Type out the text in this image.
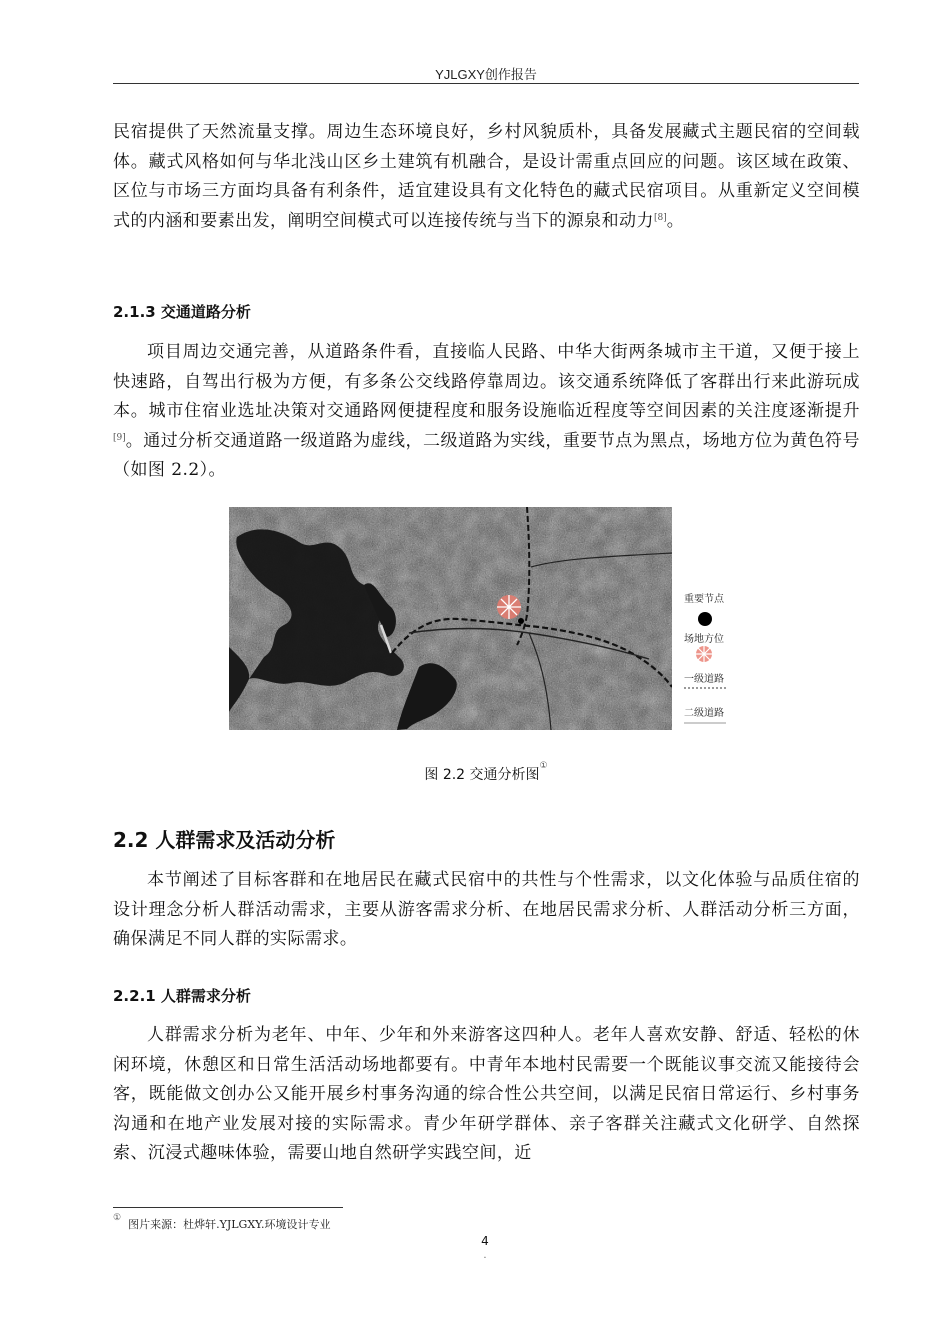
YJLGXY创作报告

民宿提供了天然流量支撑。周边生态环境良好，乡村风貌质朴，具备发展藏式主题民宿的空间载体。藏式风格如何与华北浅山区乡土建筑有机融合，是设计需重点回应的问题。该区域在政策、区位与市场三方面均具备有利条件，适宜建设具有文化特色的藏式民宿项目。从重新定义空间模式的内涵和要素出发，阐明空间模式可以连接传统与当下的源泉和动力[8]。

2.1.3 交通道路分析

项目周边交通完善，从道路条件看，直接临人民路、中华大街两条城市主干道，又便于接上快速路，自驾出行极为方便，有多条公交线路停靠周边。该交通系统降低了客群出行来此游玩成本。城市住宿业选址决策对交通路网便捷程度和服务设施临近程度等空间因素的关注度逐渐提升[9]。通过分析交通道路一级道路为虚线，二级道路为实线，重要节点为黑点，场地方位为黄色符号（如图 2.2）。

重要节点
场地方位
一级道路
二级道路
图 2.2 交通分析图①
2.2 人群需求及活动分析

本节阐述了目标客群和在地居民在藏式民宿中的共性与个性需求，以文化体验与品质住宿的设计理念分析人群活动需求，主要从游客需求分析、在地居民需求分析、人群活动分析三方面，确保满足不同人群的实际需求。

2.2.1 人群需求分析

人群需求分析为老年、中年、少年和外来游客这四种人。老年人喜欢安静、舒适、轻松的休闲环境，休憩区和日常生活活动场地都要有。中青年本地村民需要一个既能议事交流又能接待会客，既能做文创办公又能开展乡村事务沟通的综合性公共空间，以满足民宿日常运行、乡村事务沟通和在地产业发展对接的实际需求。青少年研学群体、亲子客群关注藏式文化研学、自然探索、沉浸式趣味体验，需要山地自然研学实践空间，近

① 图片来源：杜烨轩.YJLGXY.环境设计专业
4
.
